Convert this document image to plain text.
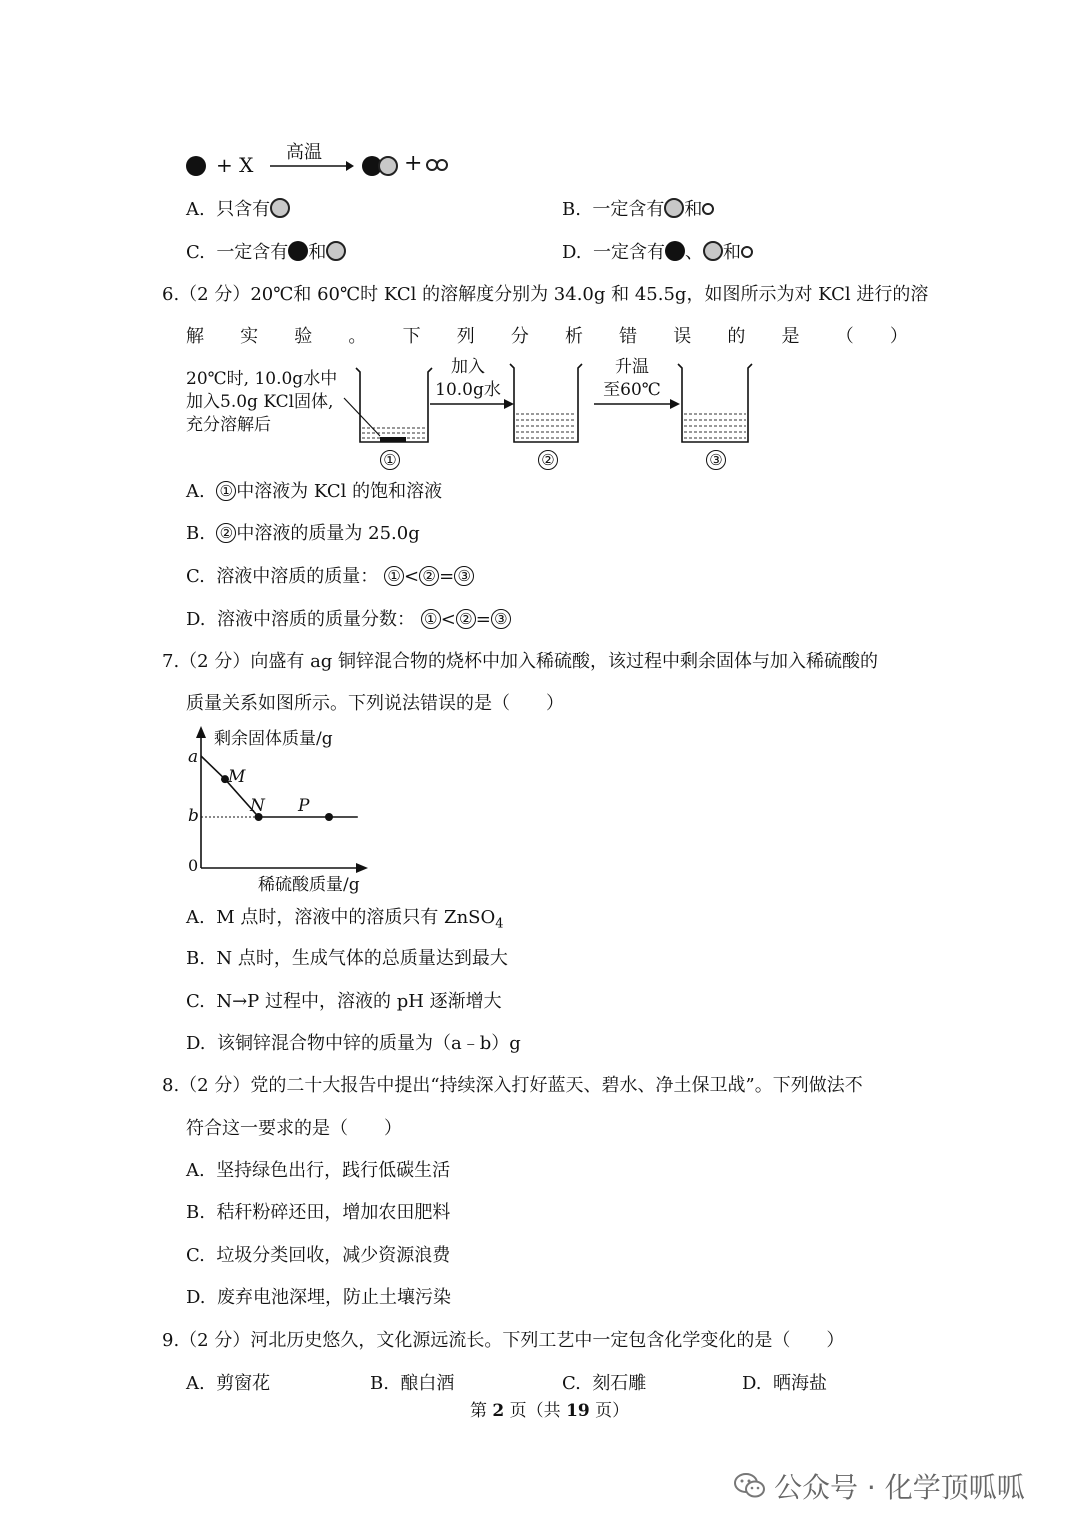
+ X
高温	+
A. 只含有	B. 一定含有 和
C. 一定含有 和	D. 一定含有 、 和
6.（2 分）20℃和 60℃时 KCl 的溶解度分别为 34.0g 和 45.5g，如图所示为对 KCl 进行的溶
解 实 验 。 下 列 分 析 错 误 的 是 （ ）
20℃时, 10.0g水中
加入5.0g KCl固体,
充分溶解后
加入
10.0g水
升温
至60℃
①	②	③
A. ① 中溶液为 KCl 的饱和溶液
B. ② 中溶液的质量为 25.0g
C. 溶液中溶质的质量： ① < ② = ③
D. 溶液中溶质的质量分数： ① < ② = ③
7.（2 分）向盛有 ag 铜锌混合物的烧杯中加入稀硫酸，该过程中剩余固体与加入稀硫酸的
质量关系如图所示。下列说法错误的是（　　）
剩余固体质量/g
稀硫酸质量/g
0
a
b
M
N P
A. M 点时，溶液中的溶质只有 ZnSO$_4$
B. N 点时，生成气体的总质量达到最大
C. N→P 过程中，溶液的 pH 逐渐增大
D. 该铜锌混合物中锌的质量为（a﹣b）g
8.（2 分）党的二十大报告中提出“持续深入打好蓝天、碧水、净土保卫战”。下列做法不
符合这一要求的是（　　）
A. 坚持绿色出行，践行低碳生活
B. 秸秆粉碎还田，增加农田肥料
C. 垃圾分类回收，减少资源浪费
D. 废弃电池深埋，防止土壤污染
9.（2 分）河北历史悠久，文化源远流长。下列工艺中一定包含化学变化的是（　　）
A. 剪窗花	B. 酿白酒	C. 刻石雕	D. 晒海盐
第 2 页（共 19 页）
公众号 · 化学顶呱呱
